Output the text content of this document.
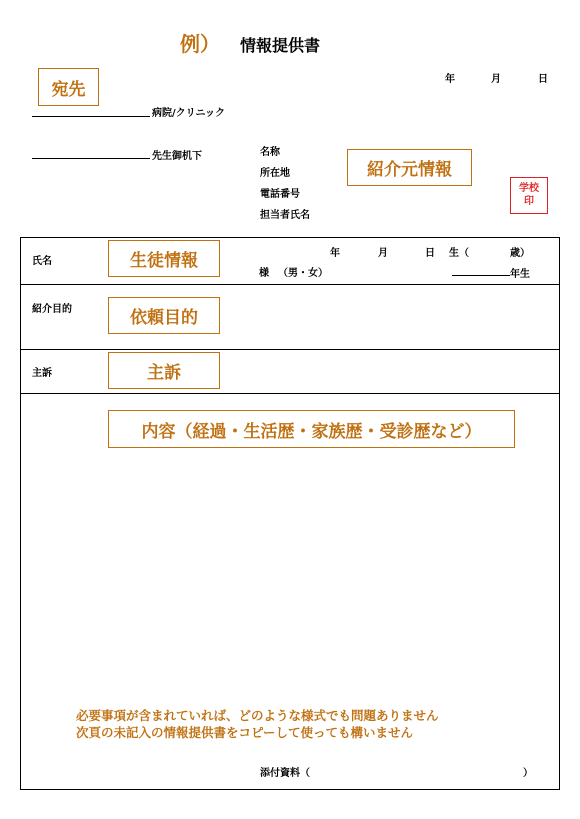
例） 情報提供書
年	月	日
宛先
病院/クリニック
先生御机下	名称
所在地
電話番号
担当者氏名
紹介元情報
学校
印
氏名	生徒情報	年	月	日 生（	歳）
様 （男・女）	年生
紹介目的	依頼目的
主訴	主訴
内容（経過・生活歴・家族歴・受診歴など）
必要事項が含まれていれば、どのような様式でも問題ありません
次頁の未記入の情報提供書をコピーして使っても構いません
添付資料（	）
